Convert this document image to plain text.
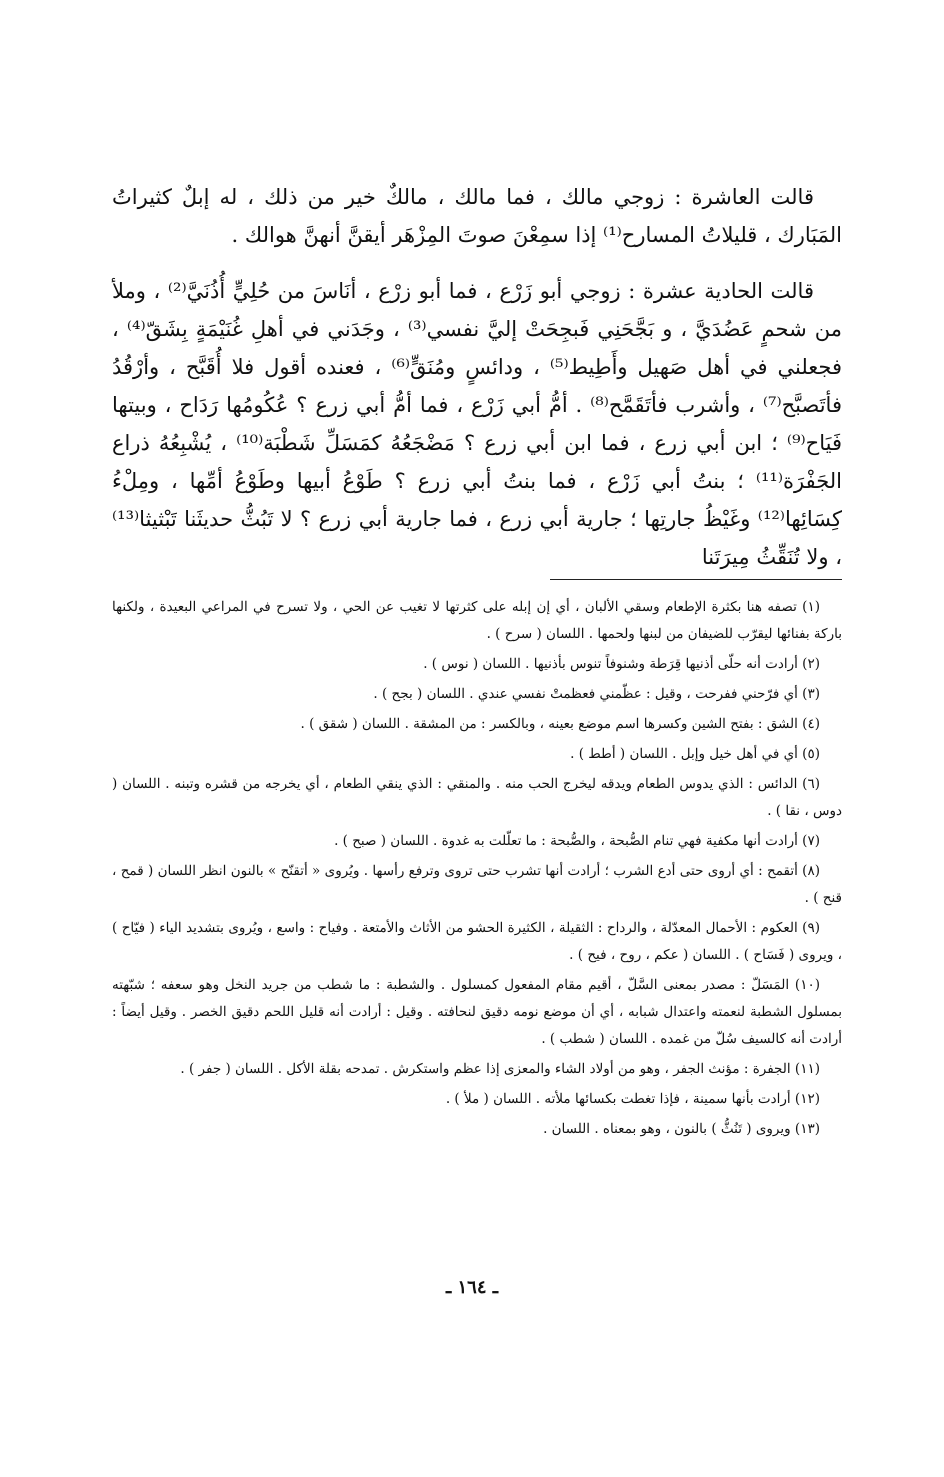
قالت العاشرة : زوجي مالك ، فما مالك ، مالكٌ خير من ذلك ، له إبلٌ كثيراتُ المَبَارك ، قليلاتُ المسارح⁽¹⁾ إذا سمِعْنَ صوتَ المِزْهَر أيقنَّ أنهنَّ هوالك .

قالت الحادية عشرة : زوجي أبو زَرْع ، فما أبو زرْع ، أنَاسَ من حُلِيٍّ أُذُنَيَّ⁽²⁾ ، وملأ من شحمٍ عَضُدَيَّ ، و بَجَّحَنِي فَبجِحَتْ إليَّ نفسي⁽³⁾ ، وجَدَني في أهلِ غُنَيْمَةٍ بِشَقّ⁽⁴⁾ ، فجعلني في أهل صَهيل وأَطِيط⁽⁵⁾ ، ودائسٍ ومُنَقٍّ⁽⁶⁾ ، فعنده أقول فلا أُقَبَّح ، وأرْقُدُ فأتَصبَّح⁽⁷⁾ ، وأشرب فأتَقَمَّح⁽⁸⁾ . أمُّ أبي زَرْع ، فما أمُّ أبي زرع ؟ عُكُومُها رَدَاح ، وبيتها فَيَاح⁽⁹⁾ ؛ ابن أبي زرع ، فما ابن أبي زرع ؟ مَضْجَعُهُ كمَسَلِّ شَطْبَة⁽¹⁰⁾ ، يُشْبِعُهُ ذراع الجَفْرَة⁽¹¹⁾ ؛ بنتُ أبي زَرْع ، فما بنتُ أبي زرع ؟ طَوْعُ أبيها وطَوْعُ أمِّها ، ومِلْءُ كِسَائِها⁽¹²⁾ وغَيْظُ جارتِها ؛ جارية أبي زرع ، فما جارية أبي زرع ؟ لا تَبُثُّ حديثَنا تَبْثيثا⁽¹³⁾ ، ولا تُنَقِّثُ مِيرَتَنا

(١) تصفه هنا بكثرة الإطعام وسقي الألبان ، أي إن إبله على كثرتها لا تغيب عن الحي ، ولا تسرح في المراعي البعيدة ، ولكنها باركة بفنائها ليقرّب للضيفان من لبنها ولحمها . اللسان ( سرح ) .

(٢) أرادت أنه حلّى أذنيها قِرَطة وشنوفاً تنوس بأذنيها . اللسان ( نوس ) .

(٣) أي فرّحني ففرحت ، وقيل : عظّمني فعظمتْ نفسي عندي . اللسان ( بجح ) .

(٤) الشق : بفتح الشين وكسرها اسم موضع بعينه ، وبالكسر : من المشقة . اللسان ( شقق ) .

(٥) أي في أهل خيل وإبل . اللسان ( أطط ) .

(٦) الدائس : الذي يدوس الطعام ويدقه ليخرج الحب منه . والمنقي : الذي ينقي الطعام ، أي يخرجه من قشره وتبنه . اللسان ( دوس ، نقا ) .

(٧) أرادت أنها مكفية فهي تنام الصُّبحة ، والصُّبحة : ما تعلّلت به غدوة . اللسان ( صبح ) .

(٨) أتقمح : أي أروى حتى أدع الشرب ؛ أرادت أنها تشرب حتى تروى وترفع رأسها . ويُروى « أتقنّح » بالنون انظر اللسان ( قمح ، قنح ) .

(٩) العكوم : الأحمال المعدّلة ، والرداح : الثقيلة ، الكثيرة الحشو من الأثاث والأمتعة . وفياح : واسع ، ويُروى بتشديد الياء ( فيّاح ) ، ويروى ( فَسَاح ) . اللسان ( عكم ، روح ، فيح ) .

(١٠) المَسَلّ : مصدر بمعنى السَّلّ ، أقيم مقام المفعول كمسلول . والشطبة : ما شطب من جريد النخل وهو سعفه ؛ شبّهته بمسلول الشطبة لنعمته واعتدال شبابه ، أي أن موضع نومه دقيق لنحافته . وقيل : أرادت أنه قليل اللحم دقيق الخصر . وقيل أيضاً : أرادت أنه كالسيف سُلّ من غمده . اللسان ( شطب ) .

(١١) الجفرة : مؤنث الجفر ، وهو من أولاد الشاء والمعزى إذا عظم واستكرش . تمدحه بقلة الأكل . اللسان ( جفر ) .

(١٢) أرادت بأنها سمينة ، فإذا تغطت بكسائها ملأته . اللسان ( ملأ ) .

(١٣) ويروى ( تَنُثُّ ) بالنون ، وهو بمعناه . اللسان .

ـ ١٦٤ ـ
